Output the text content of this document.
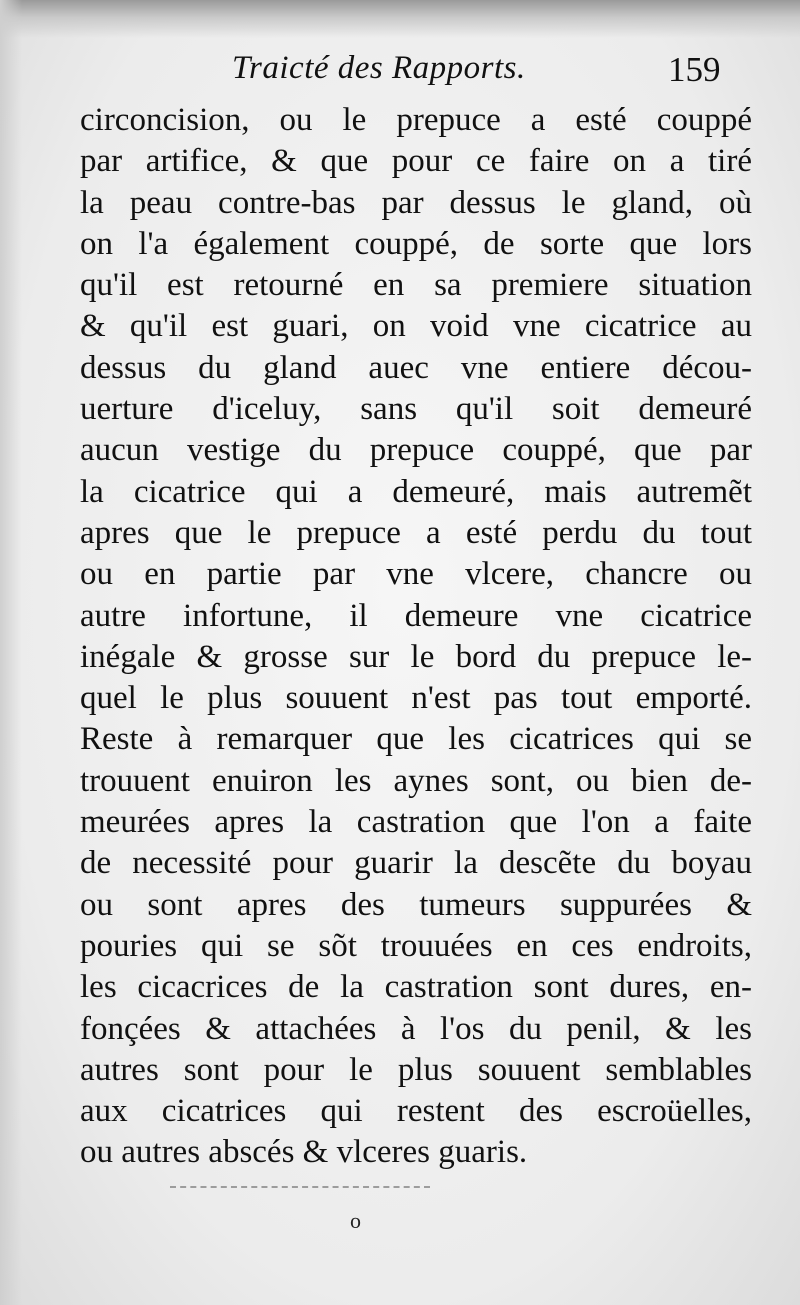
Traicté des Rapports.	159
circoncision, ou le prepuce a esté couppé
par artifice, & que pour ce faire on a tiré
la peau contre-bas par dessus le gland, où
on l'a également couppé, de sorte que lors
qu'il est retourné en sa premiere situation
& qu'il est guari, on void vne cicatrice au
dessus du gland auec vne entiere décou-
uerture d'iceluy, sans qu'il soit demeuré
aucun vestige du prepuce couppé, que par
la cicatrice qui a demeuré, mais autremẽt
apres que le prepuce a esté perdu du tout
ou en partie par vne vlcere, chancre ou
autre infortune, il demeure vne cicatrice
inégale & grosse sur le bord du prepuce le-
quel le plus souuent n'est pas tout emporté.
Reste à remarquer que les cicatrices qui se
trouuent enuiron les aynes sont, ou bien de-
meurées apres la castration que l'on a faite
de necessité pour guarir la descẽte du boyau
ou sont apres des tumeurs suppurées &
pouries qui se sõt trouuées en ces endroits,
les cicacrices de la castration sont dures, en-
fonçées & attachées à l'os du penil, & les
autres sont pour le plus souuent semblables
aux cicatrices qui restent des escroüelles,
ou autres abscés & vlceres guaris.
o
